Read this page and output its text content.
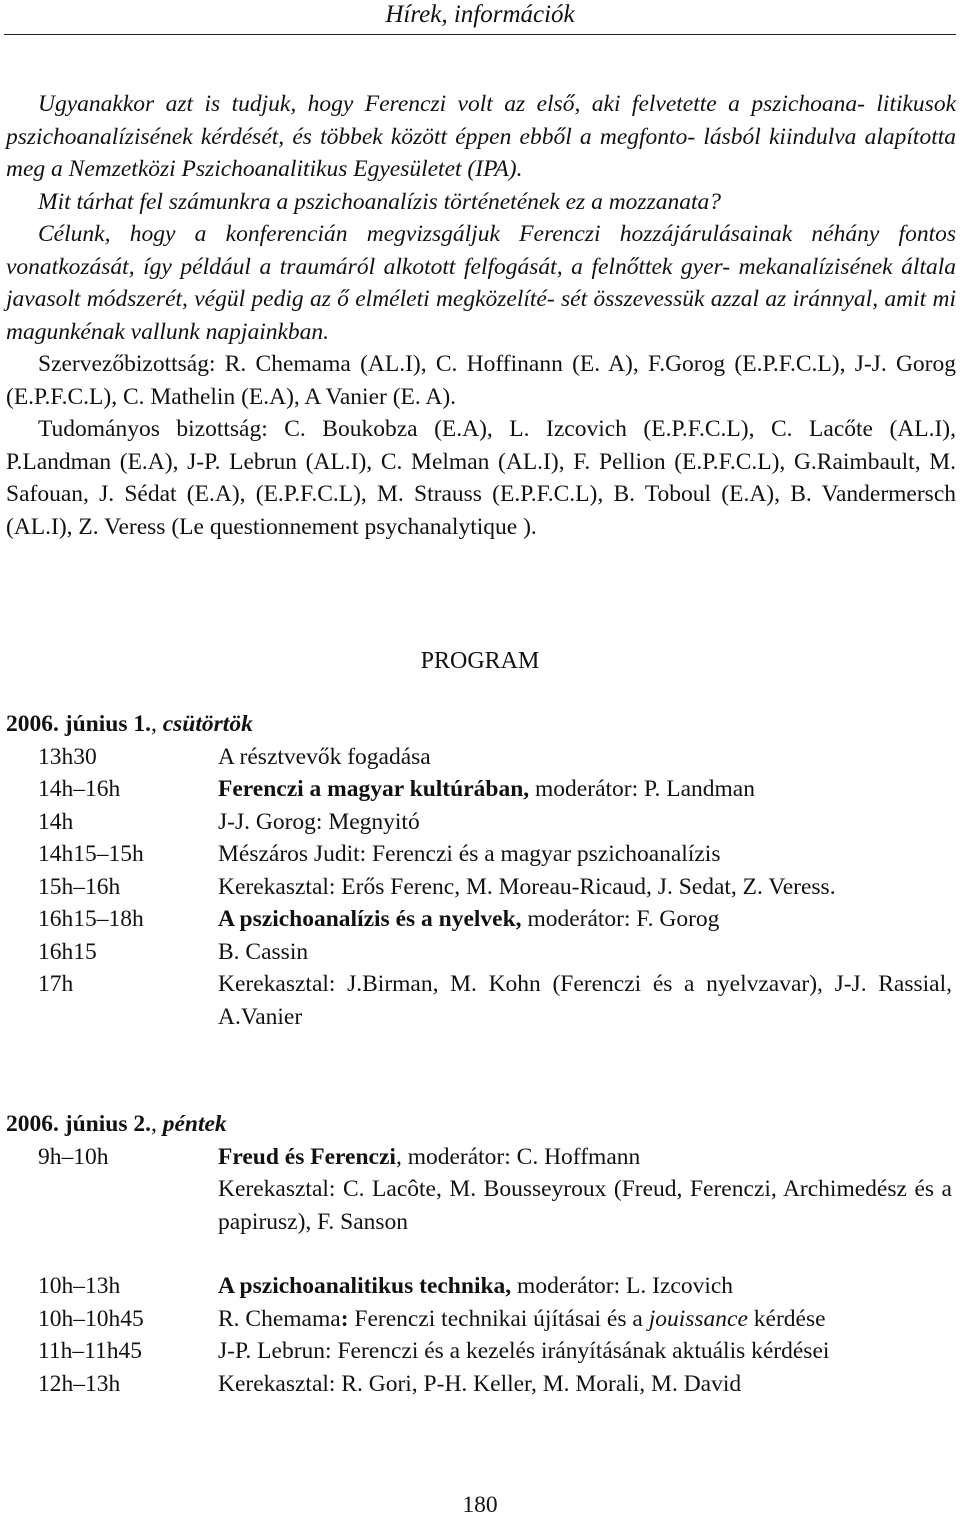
Hírek, információk

Ugyanakkor azt is tudjuk, hogy Ferenczi volt az első, aki felvetette a pszichoana- litikusok pszichoanalízisének kérdését, és többek között éppen ebből a megfonto- lásból kiindulva alapította meg a Nemzetközi Pszichoanalitikus Egyesületet (IPA).

Mit tárhat fel számunkra a pszichoanalízis történetének ez a mozzanata?

Célunk, hogy a konferencián megvizsgáljuk Ferenczi hozzájárulásainak néhány fontos vonatkozását, így például a traumáról alkotott felfogását, a felnőttek gyer- mekanalízisének általa javasolt módszerét, végül pedig az ő elméleti megközelíté- sét összevessük azzal az iránnyal, amit mi magunkénak vallunk napjainkban.

Szervezőbizottság: R. Chemama (AL.I), C. Hoffinann (E. A), F.Gorog (E.P.F.C.L), J-J. Gorog (E.P.F.C.L), C. Mathelin (E.A), A Vanier (E. A).

Tudományos bizottság: C. Boukobza (E.A), L. Izcovich (E.P.F.C.L), C. Lacőte (AL.I), P.Landman (E.A), J-P. Lebrun (AL.I), C. Melman (AL.I), F. Pellion (E.P.F.C.L), G.Raimbault, M. Safouan, J. Sédat (E.A), (E.P.F.C.L), M. Strauss (E.P.F.C.L), B. Toboul (E.A), B. Vandermersch (AL.I), Z. Veress (Le questionnement psychanalytique ).

PROGRAM

2006. június 1., csütörtök

13h30	A résztvevők fogadása
14h–16h	Ferenczi a magyar kultúrában, moderátor: P. Landman
14h	J-J. Gorog: Megnyitó
14h15–15h	Mészáros Judit: Ferenczi és a magyar pszichoanalízis
15h–16h	Kerekasztal: Erős Ferenc, M. Moreau-Ricaud, J. Sedat, Z. Veress.
16h15–18h	A pszichoanalízis és a nyelvek, moderátor: F. Gorog
16h15	B. Cassin
17h	Kerekasztal: J.Birman, M. Kohn (Ferenczi és a nyelvzavar), J-J. Rassial, A.Vanier

2006. június 2., péntek

9h–10h	Freud és Ferenczi, moderátor: C. Hoffmann
Kerekasztal: C. Lacôte, M. Bousseyroux (Freud, Ferenczi, Archimedész és a papirusz), F. Sanson
10h–13h	A pszichoanalitikus technika, moderátor: L. Izcovich
10h–10h45	R. Chemama: Ferenczi technikai újításai és a jouissance kérdése
11h–11h45	J-P. Lebrun: Ferenczi és a kezelés irányításának aktuális kérdései
12h–13h	Kerekasztal: R. Gori, P-H. Keller, M. Morali, M. David
180
